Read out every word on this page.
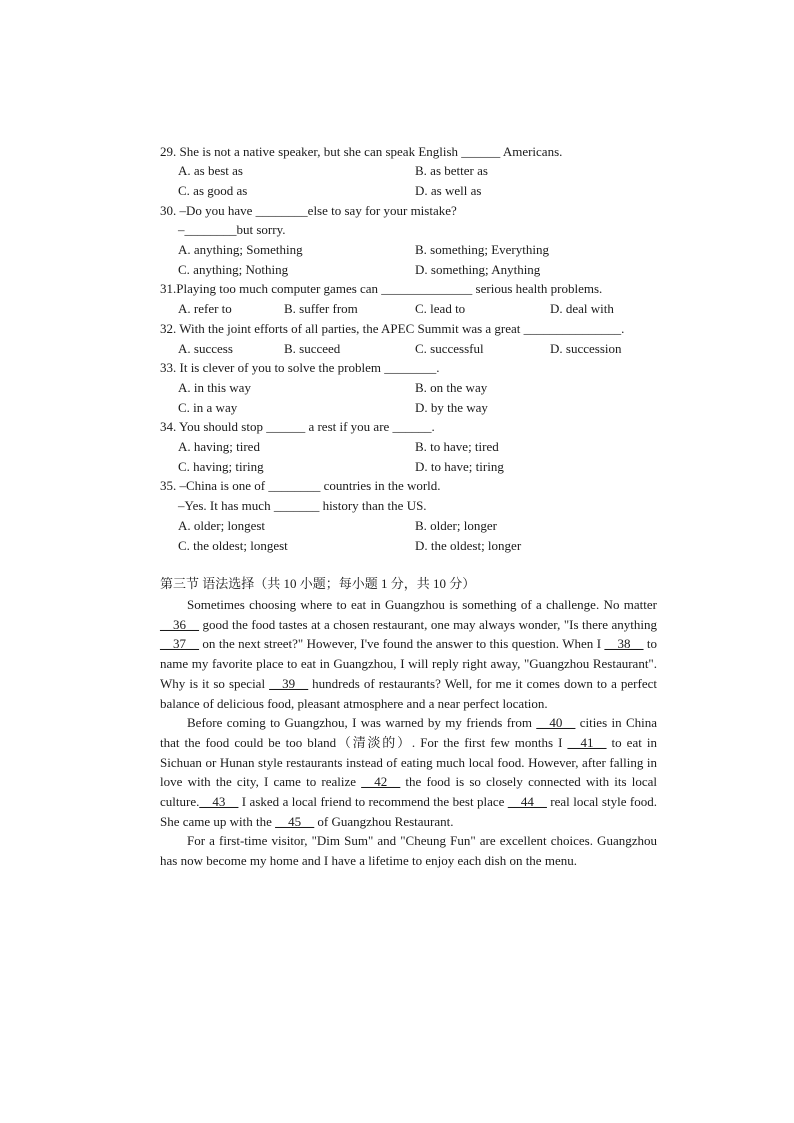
29. She is not a native speaker, but she can speak English ______ Americans.
A. as best as	B. as better as
C. as good as	D. as well as
30. –Do you have ________else to say for your mistake?
–________but sorry.
A. anything; Something	B. something; Everything
C. anything; Nothing	D. something; Anything
31.Playing too much computer games can ______________ serious health problems.
A. refer to	B. suffer from	C. lead to	D. deal with
32. With the joint efforts of all parties, the APEC Summit was a great _______________.
A. success	B. succeed	C. successful	D. succession
33. It is clever of you to solve the problem ________.
A. in this way	B. on the way
C. in a way	D. by the way
34. You should stop ______ a rest if you are ______.
A. having; tired	B. to have; tired
C. having; tiring	D. to have; tiring
35. –China is one of ________ countries in the world.
–Yes. It has much _______ history than the US.
A. older; longest	B. older; longer
C. the oldest; longest	D. the oldest; longer
第三节 语法选择（共 10 小题；每小题 1 分，共 10 分）

Sometimes choosing where to eat in Guangzhou is something of a challenge. No matter __36__ good the food tastes at a chosen restaurant, one may always wonder, "Is there anything __37__ on the next street?" However, I've found the answer to this question. When I __38__ to name my favorite place to eat in Guangzhou, I will reply right away, "Guangzhou Restaurant". Why is it so special __39__ hundreds of restaurants? Well, for me it comes down to a perfect balance of delicious food, pleasant atmosphere and a near perfect location.

Before coming to Guangzhou, I was warned by my friends from __40__ cities in China that the food could be too bland（清淡的）. For the first few months I __41__ to eat in Sichuan or Hunan style restaurants instead of eating much local food. However, after falling in love with the city, I came to realize __42__ the food is so closely connected with its local culture.__43__ I asked a local friend to recommend the best place __44__ real local style food. She came up with the __45__ of Guangzhou Restaurant.

For a first-time visitor, "Dim Sum" and "Cheung Fun" are excellent choices. Guangzhou has now become my home and I have a lifetime to enjoy each dish on the menu.
